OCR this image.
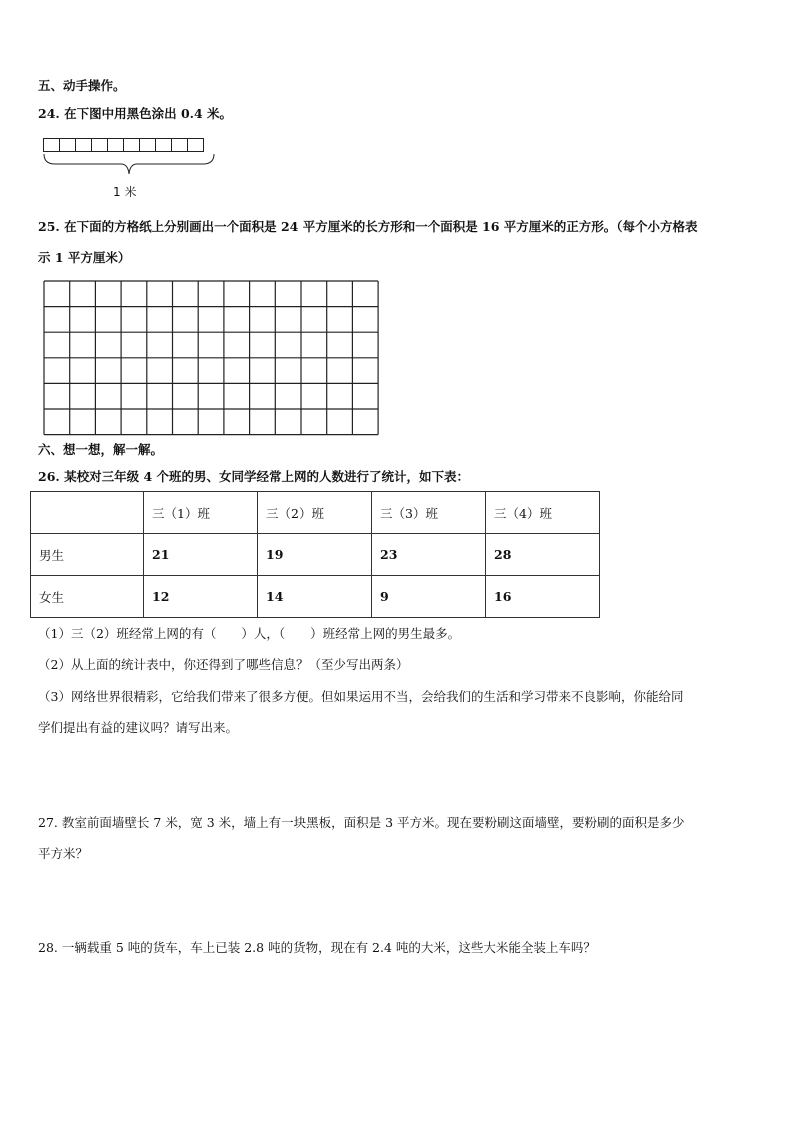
五、动手操作。
24. 在下图中用黑色涂出 0.4 米。
1 米
25. 在下面的方格纸上分别画出一个面积是 24 平方厘米的长方形和一个面积是 16 平方厘米的正方形。（每个小方格表
示 1 平方厘米）
六、想一想，解一解。
26. 某校对三年级 4 个班的男、女同学经常上网的人数进行了统计，如下表：
	三（1）班	三（2）班	三（3）班	三（4）班
男生	21	19	23	28
女生	12	14	9	16
（1）三（2）班经常上网的有（　　）人，（　　）班经常上网的男生最多。
（2）从上面的统计表中，你还得到了哪些信息？（至少写出两条）
（3）网络世界很精彩，它给我们带来了很多方便。但如果运用不当，会给我们的生活和学习带来不良影响，你能给同
学们提出有益的建议吗？请写出来。
27. 教室前面墙壁长 7 米，宽 3 米，墙上有一块黑板，面积是 3 平方米。现在要粉刷这面墙壁，要粉刷的面积是多少
平方米？
28. 一辆载重 5 吨的货车，车上已装 2.8 吨的货物，现在有 2.4 吨的大米，这些大米能全装上车吗？
